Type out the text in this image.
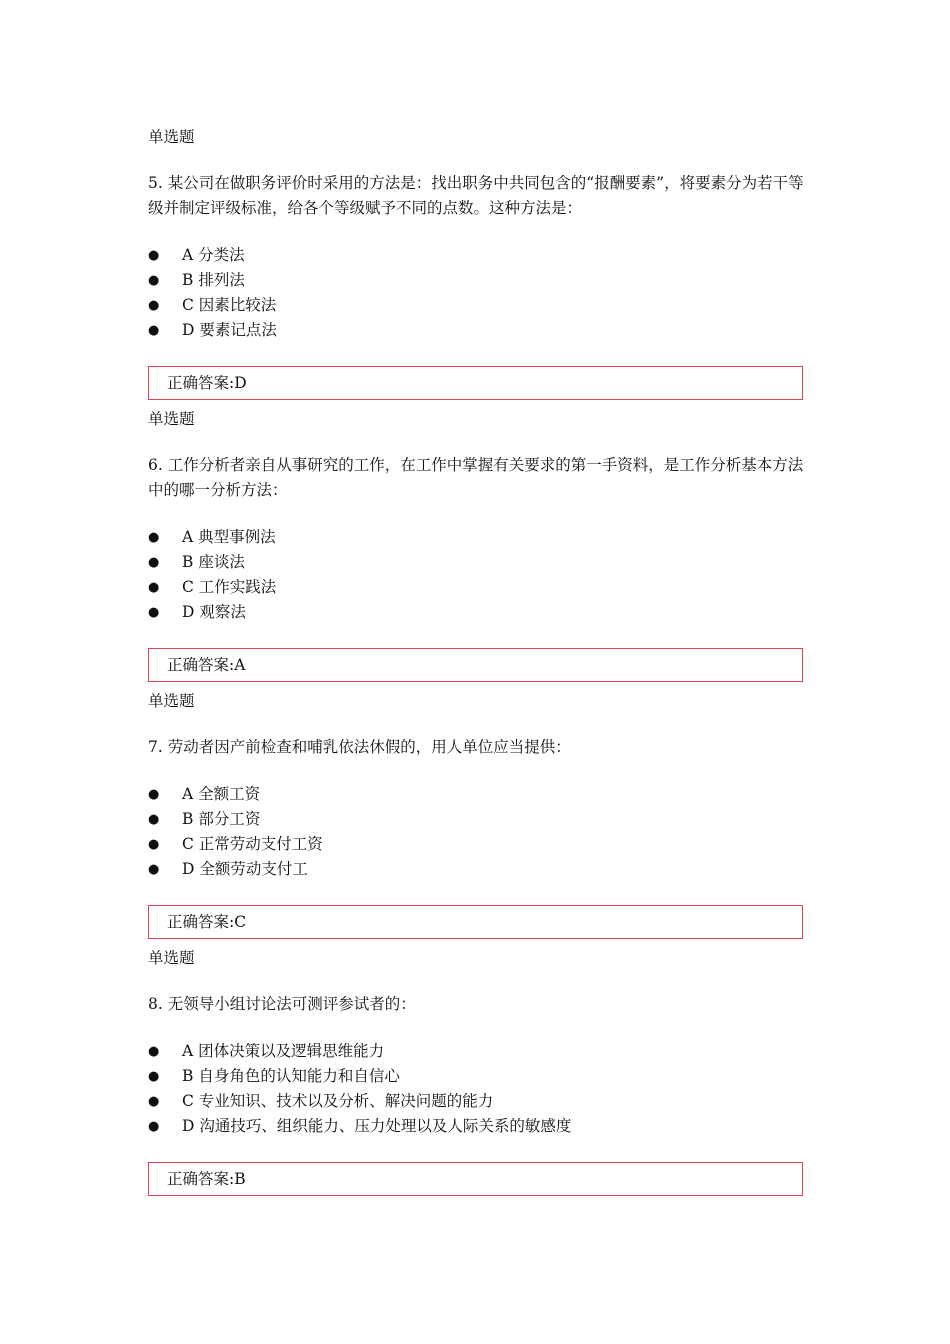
单选题

5. 某公司在做职务评价时采用的方法是：找出职务中共同包含的“报酬要素”，将要素分为若干等级并制定评级标准，给各个等级赋予不同的点数。这种方法是：

● A 分类法
● B 排列法
● C 因素比较法
● D 要素记点法
正确答案:D

单选题

6. 工作分析者亲自从事研究的工作，在工作中掌握有关要求的第一手资料，是工作分析基本方法中的哪一分析方法：

● A 典型事例法
● B 座谈法
● C 工作实践法
● D 观察法
正确答案:A

单选题

7. 劳动者因产前检查和哺乳依法休假的，用人单位应当提供：

● A 全额工资
● B 部分工资
● C 正常劳动支付工资
● D 全额劳动支付工
正确答案:C

单选题

8. 无领导小组讨论法可测评参试者的：

● A 团体决策以及逻辑思维能力
● B 自身角色的认知能力和自信心
● C 专业知识、技术以及分析、解决问题的能力
● D 沟通技巧、组织能力、压力处理以及人际关系的敏感度
正确答案:B
